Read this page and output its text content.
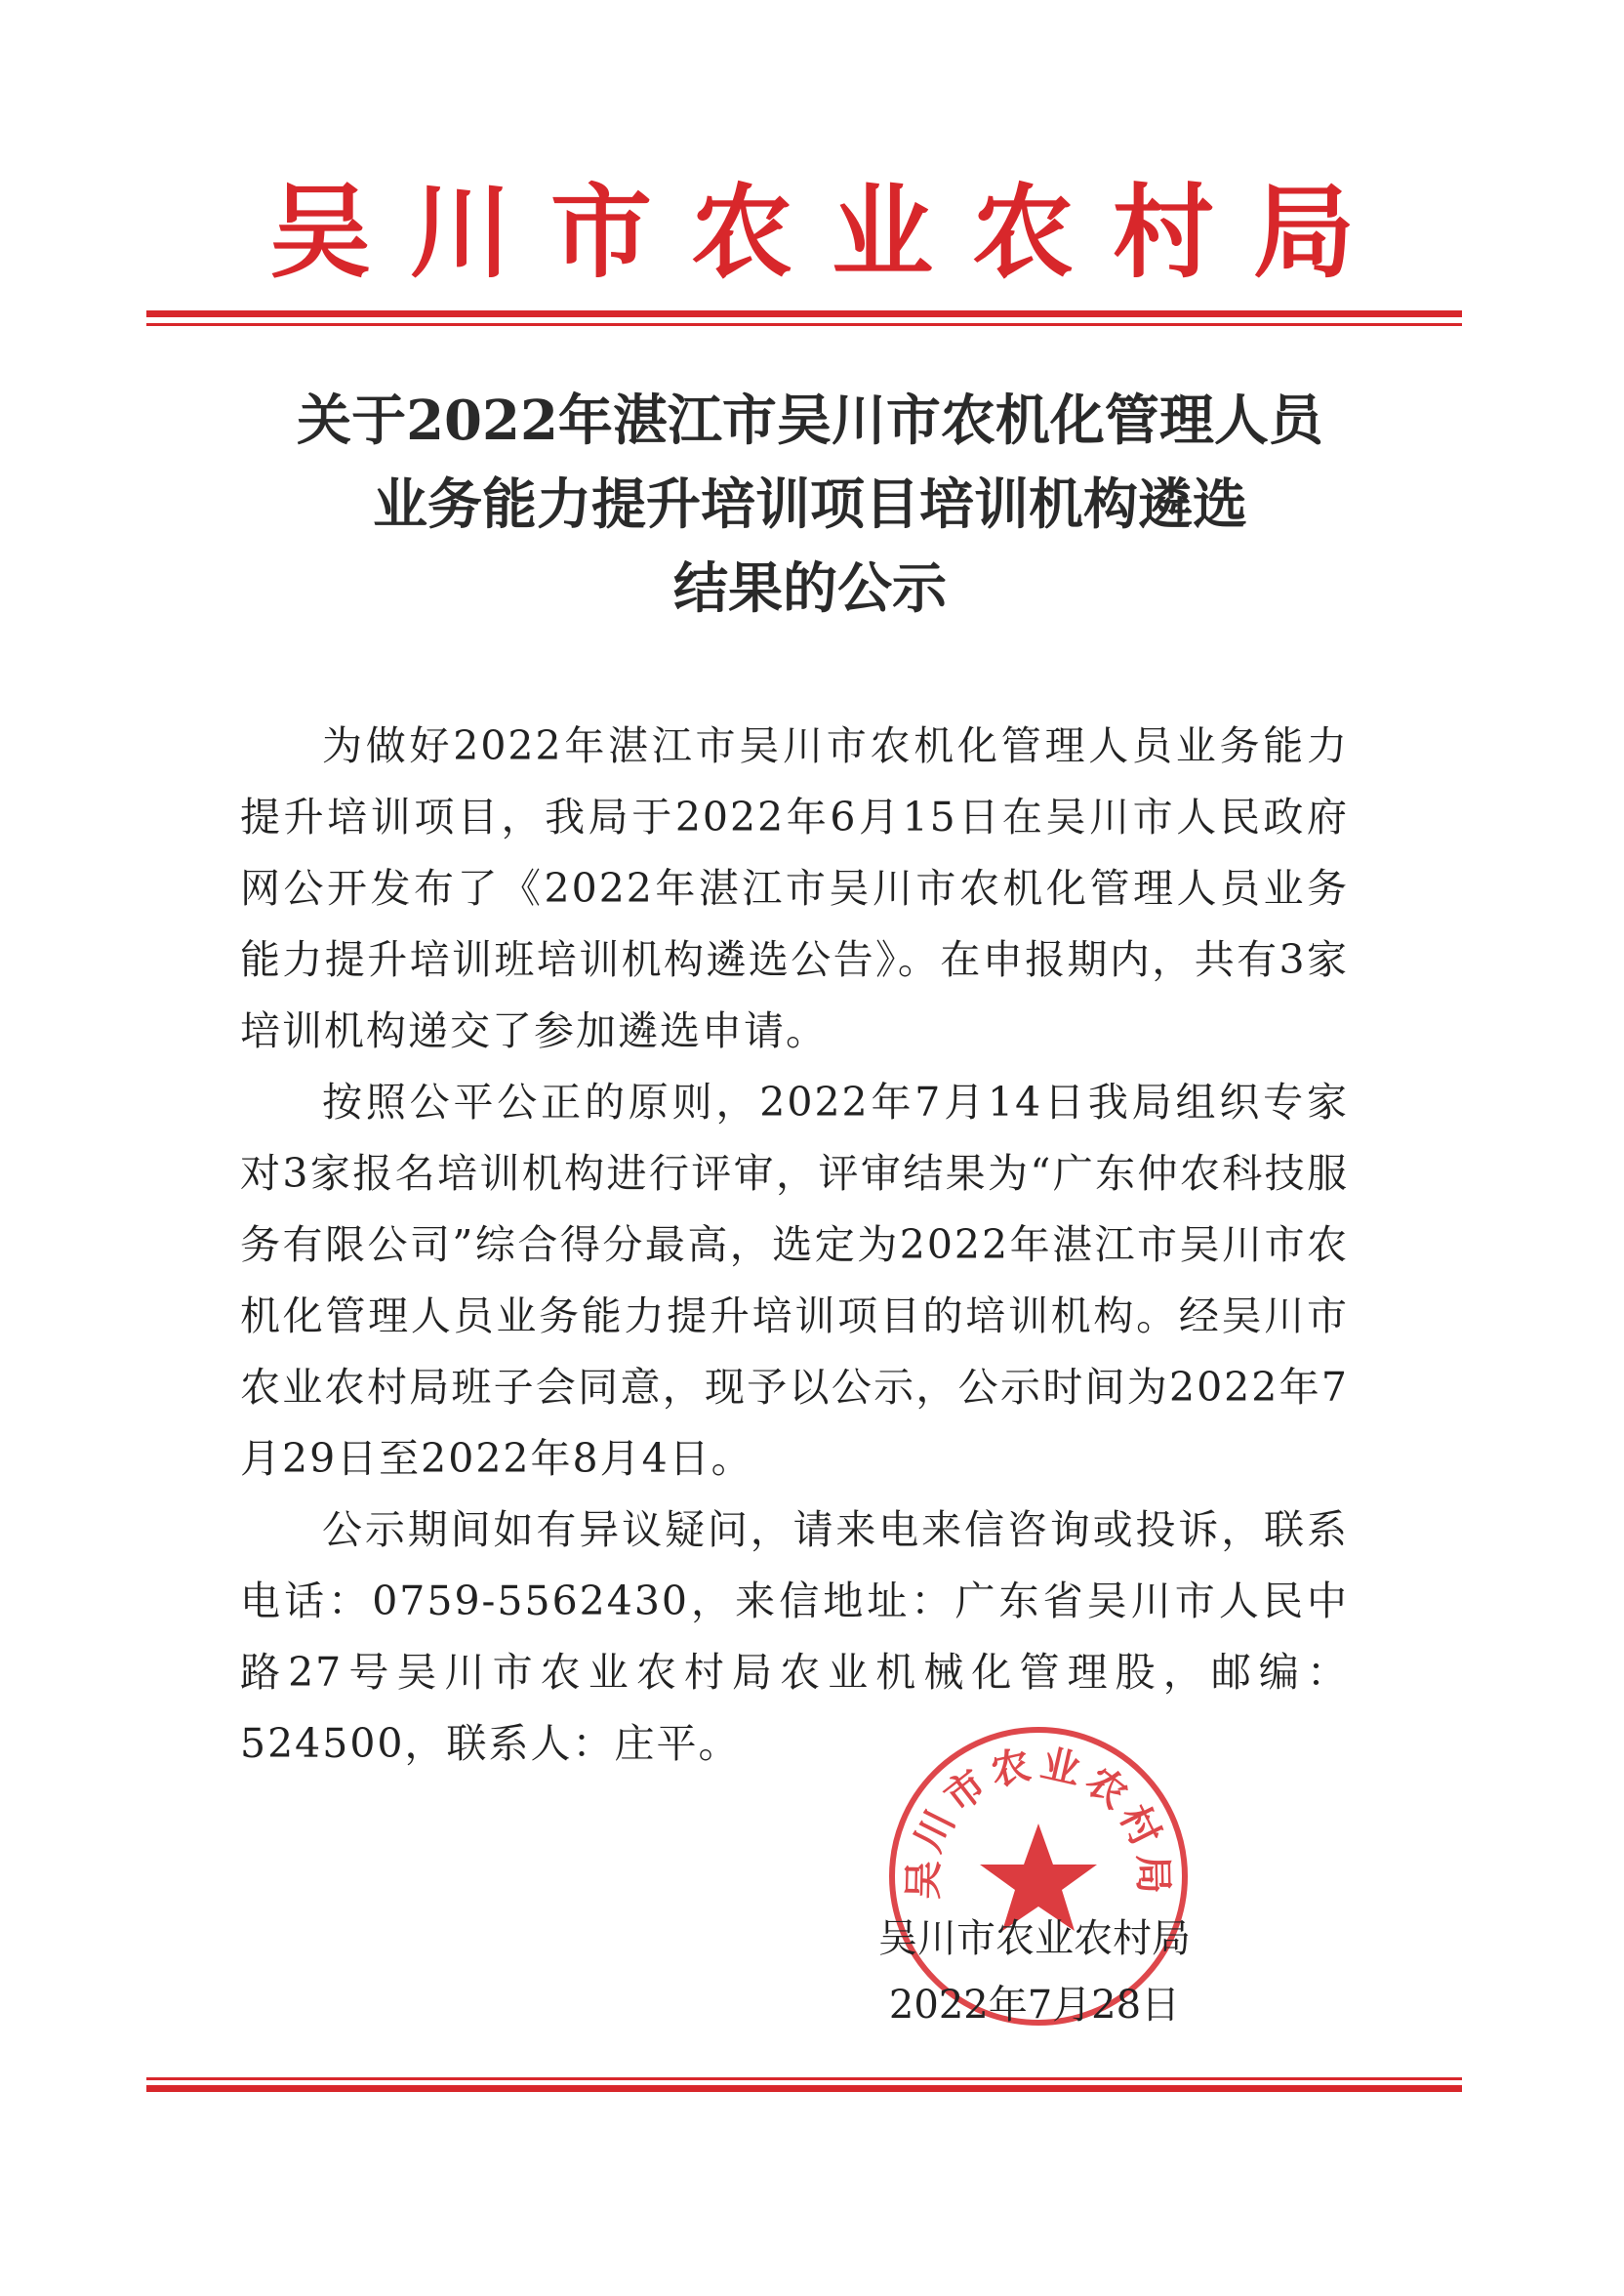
吴川市农业农村局
关于2022年湛江市吴川市农机化管理人员
业务能力提升培训项目培训机构遴选
结果的公示

为做好2022年湛江市吴川市农机化管理人员业务能力提升培训项目，我局于2022年6月15日在吴川市人民政府网公开发布了《2022年湛江市吴川市农机化管理人员业务能力提升培训班培训机构遴选公告》。在申报期内，共有3家培训机构递交了参加遴选申请。

按照公平公正的原则，2022年7月14日我局组织专家对3家报名培训机构进行评审，评审结果为“广东仲农科技服务有限公司”综合得分最高，选定为2022年湛江市吴川市农机化管理人员业务能力提升培训项目的培训机构。经吴川市农业农村局班子会同意，现予以公示，公示时间为2022年7月29日至2022年8月4日。

公示期间如有异议疑问，请来电来信咨询或投诉，联系电话：0759-5562430，来信地址：广东省吴川市人民中路27号吴川市农业农村局农业机械化管理股，邮编：524500，联系人：庄平。

吴川市农业农村局
吴川市农业农村局
2022年7月28日
